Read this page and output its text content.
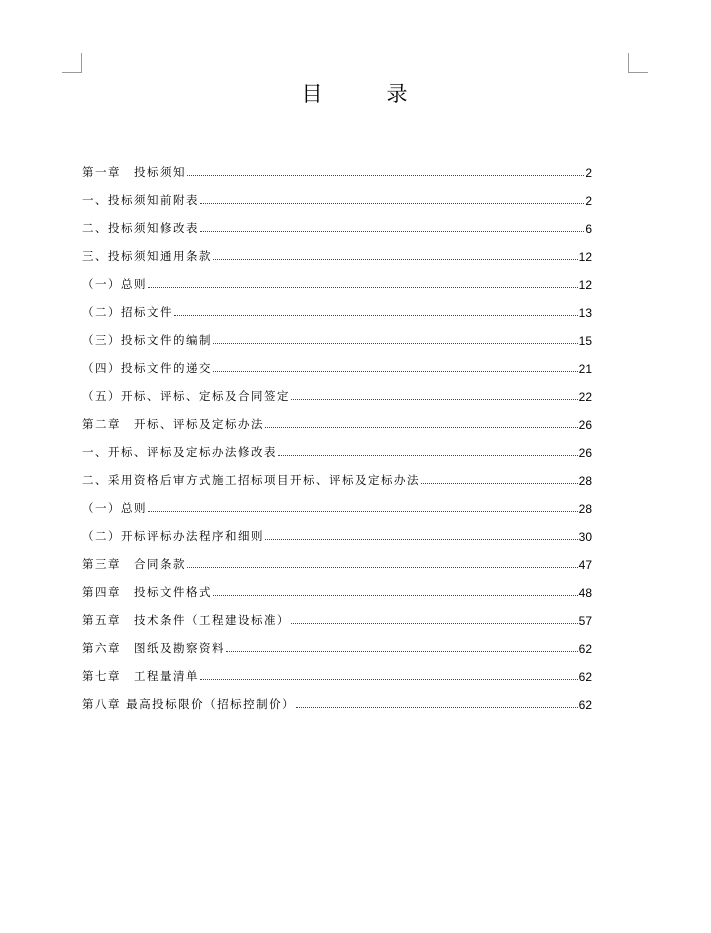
目	录
第一章　投标须知	2
一、投标须知前附表	2
二、投标须知修改表	6
三、投标须知通用条款	12
（一）总则	12
（二）招标文件	13
（三）投标文件的编制	15
（四）投标文件的递交	21
（五）开标、评标、定标及合同签定	22
第二章　开标、评标及定标办法	26
一、开标、评标及定标办法修改表	26
二、采用资格后审方式施工招标项目开标、评标及定标办法	28
（一）总则	28
（二）开标评标办法程序和细则	30
第三章　合同条款	47
第四章　投标文件格式	48
第五章　技术条件（工程建设标准）	57
第六章　图纸及勘察资料	62
第七章　工程量清单	62
第八章 最高投标限价（招标控制价）	62
